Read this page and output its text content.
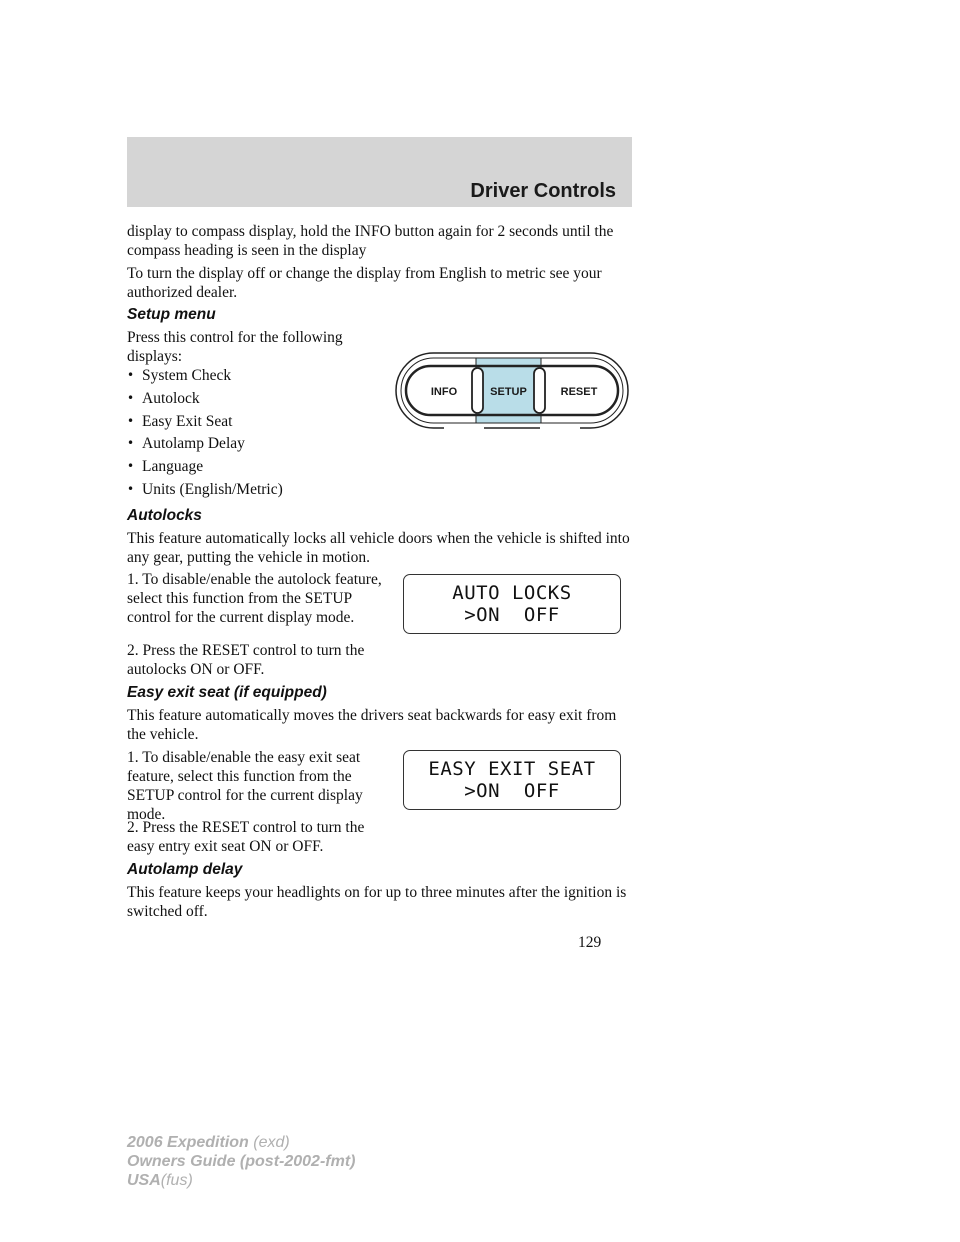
Driver Controls

display to compass display, hold the INFO button again for 2 seconds until the compass heading is seen in the display

To turn the display off or change the display from English to metric see your authorized dealer.

Setup menu

Press this control for the following displays:

• System Check
• Autolock
• Easy Exit Seat
• Autolamp Delay
• Language
• Units (English/Metric)
INFO	SETUP	RESET
Autolocks

This feature automatically locks all vehicle doors when the vehicle is shifted into any gear, putting the vehicle in motion.

1. To disable/enable the autolock feature, select this function from the SETUP control for the current display mode.

2. Press the RESET control to turn the autolocks ON or OFF.

AUTO LOCKS
>ON  OFF
Easy exit seat (if equipped)

This feature automatically moves the drivers seat backwards for easy exit from the vehicle.

1. To disable/enable the easy exit seat feature, select this function from the SETUP control for the current display mode.

2. Press the RESET control to turn the easy entry exit seat ON or OFF.

EASY EXIT SEAT
>ON  OFF
Autolamp delay

This feature keeps your headlights on for up to three minutes after the ignition is switched off.

129

2006 Expedition (exd)
Owners Guide (post-2002-fmt)
USA(fus)
